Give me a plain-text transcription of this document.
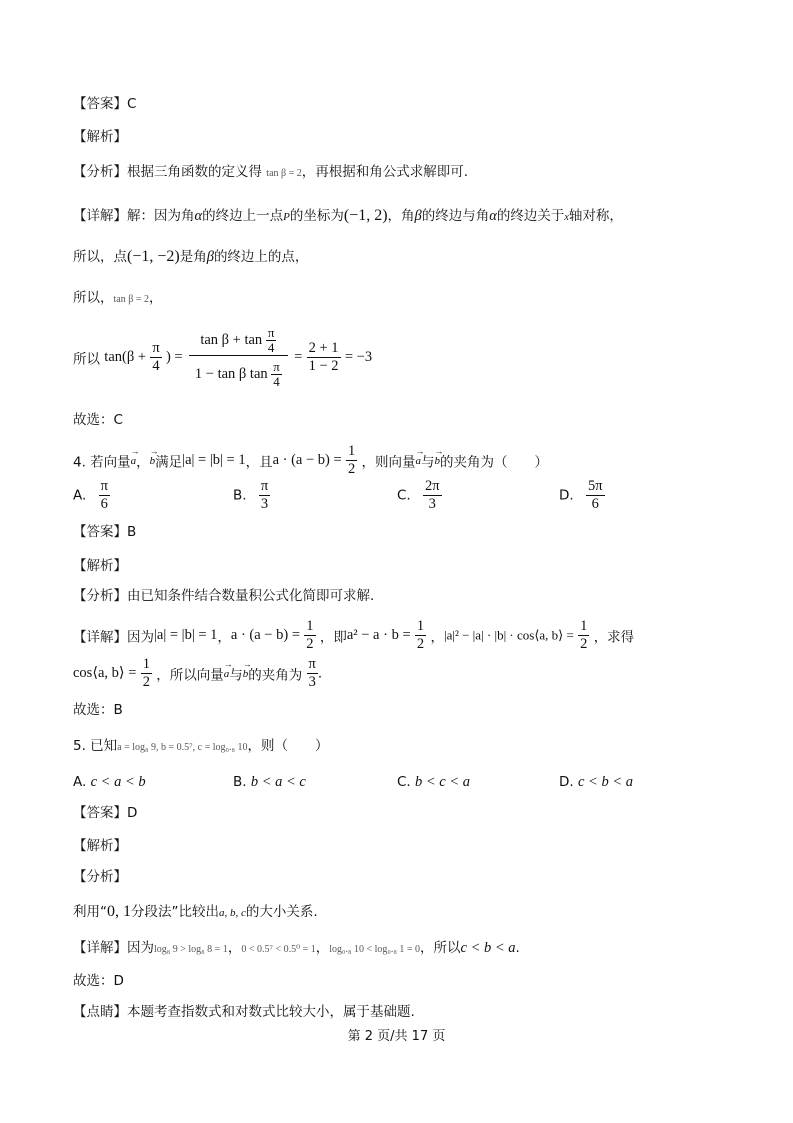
【答案】C
【解析】
【分析】根据三角函数的定义得 tan β = 2，再根据和角公式求解即可.
【详解】解：因为角α的终边上一点P的坐标为(−1, 2)，角β的终边与角α的终边关于x轴对称，
所以，点(−1, −2)是角β的终边上的点，
所以，tan β = 2，
所以 $\tan(\beta + \frac{\pi}{4}$ ) = $\frac{\tan \beta + \tan \frac{\pi}{4}}{1 - \tan \beta \tan \frac{\pi}{4}} = \frac{2 + 1}{1 - 2} = -3$
故选：C
4. 若向量→ a，→ b满足|a| = |b| = 1，且$a \cdot (a - b) = \frac{1}{2}$ ，则向量→ a与→ b的夹角为（　　）
A. $\frac{\pi}{6}$	B. $\frac{\pi}{3}$	C. $\frac{2\pi}{3}$	D. $\frac{5\pi}{6}$
【答案】B
【解析】
【分析】由已知条件结合数量积公式化简即可求解.
【详解】因为|a| = |b| = 1，$a \cdot (a - b) = \frac{1}{2}$ ，即$a^2 - a \cdot b = \frac{1}{2}$ ，|a|² − |a| · |b| · cos⟨a, b⟩ = $\frac{1}{2}$ ，求得
cos⟨a, b⟩ = $\frac{1}{2}$ ，所以向量→ a与→ b的夹角为 $\frac{\pi}{3}$ .
故选：B
5. 已知a = log₈ 9, b = 0.5⁷, c = log₀.₈ 10，则（　　）
A. c < a < b	B. b < a < c	C. b < c < a	D. c < b < a
【答案】D
【解析】
【分析】
利用“0, 1分段法”比较出a, b, c的大小关系.
【详解】因为log₈ 9 > log₈ 8 = 1，0 < 0.5⁷ < 0.5⁰ = 1，log₀.₈ 10 < log₀.₈ 1 = 0，所以c < b < a.
故选：D
【点睛】本题考查指数式和对数式比较大小，属于基础题.
第 2 页/共 17 页
